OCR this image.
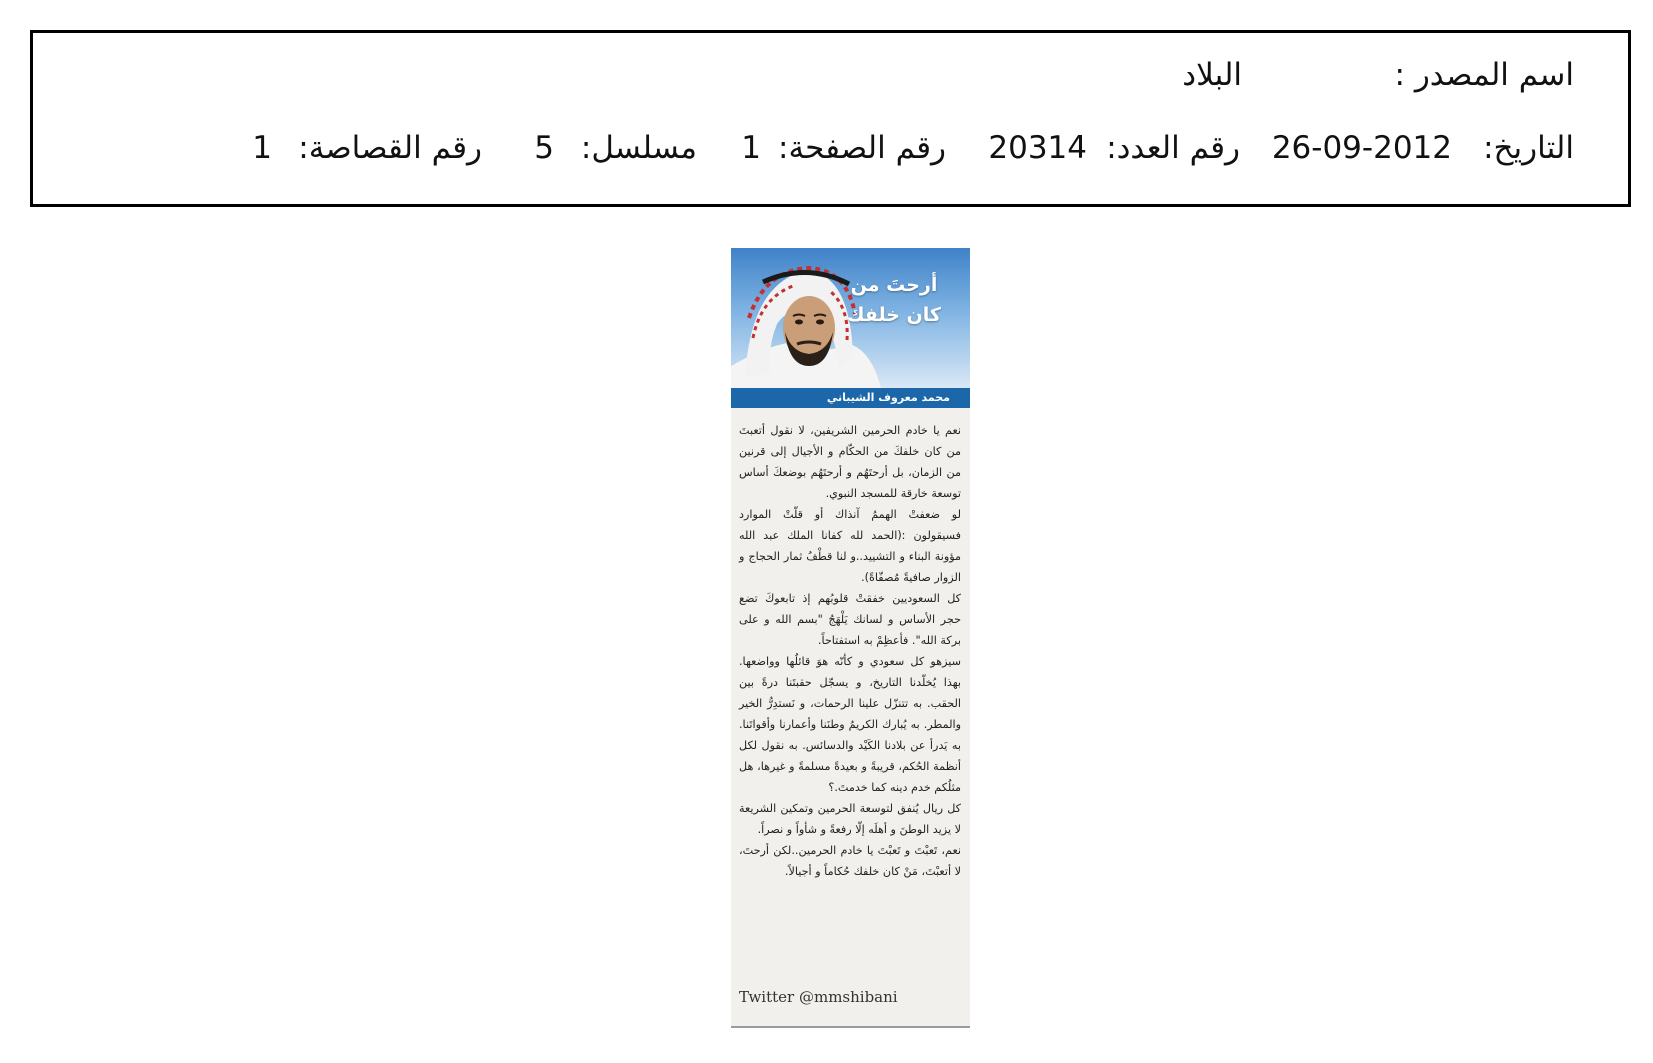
اسم المصدر :
البلاد
التاريخ:
26-09-2012
رقم العدد:
20314
رقم الصفحة:
1
مسلسل:
5
رقم القصاصة:
1
أرحتَ من
كان خلفك
محمد معروف الشيباني

نعم يا خادم الحرمين الشريفين، لا نقول أتعبتَ من كان خلفكَ من الحكّام و الأجيال إلى قرنين من الزمان، بل أرحتَهُم و أرحتَهُم بوضعكَ أساس توسعة خارقة للمسجد النبوي.

لو ضعفتْ الهممُ آنذاك أو قلّتْ الموارد فسيقولون :(الحمد لله كفانا الملك عبد الله مؤونة البناء و التشييد..و لنا قطْفُ ثمار الحجاج و الزوار صافيةً مُصفّاةً).

كل السعوديين خفقتْ قلوبُهم إذ تابعوكَ تضع حجر الأساس و لسانك يَلْهَجُ "بسم الله و على بركة الله". فأعظِمْ به استفتاحاً.

سيزهو كل سعودي و كأنّه هوَ قائلُها وواضعها. بهذا يُخلّدنا التاريخ، و يسجّل حقبتَنا درةً بين الحقب. به تتنزّل علينا الرحمات، و نَستدِرُّ الخير والمطر. به يُبارك الكريمُ وطنَنا وأعمارنا وأقواتَنا. به يَدرأ عن بلادنا الكَيْد والدسائس. به نقول لكل أنظمة الحُكم، قريبةً و بعيدةً مسلمةً و غيرها، هل مثلُكم خدم دينه كما خدمتَ.؟

كل ريال يُنفق لتوسعة الحرمين وتمكين الشريعة لا يزيد الوطنَ و أهلَه إلّا رفعةً و شأواً و نصراً.

نعم، تَعبْتَ و تَعبْتَ يا خادم الحرمين..لكن أرحتَ، لا أتعبْتَ، مَنْ كان خلفك حُكاماً و أجيالاً.

Twitter @mmshibani
